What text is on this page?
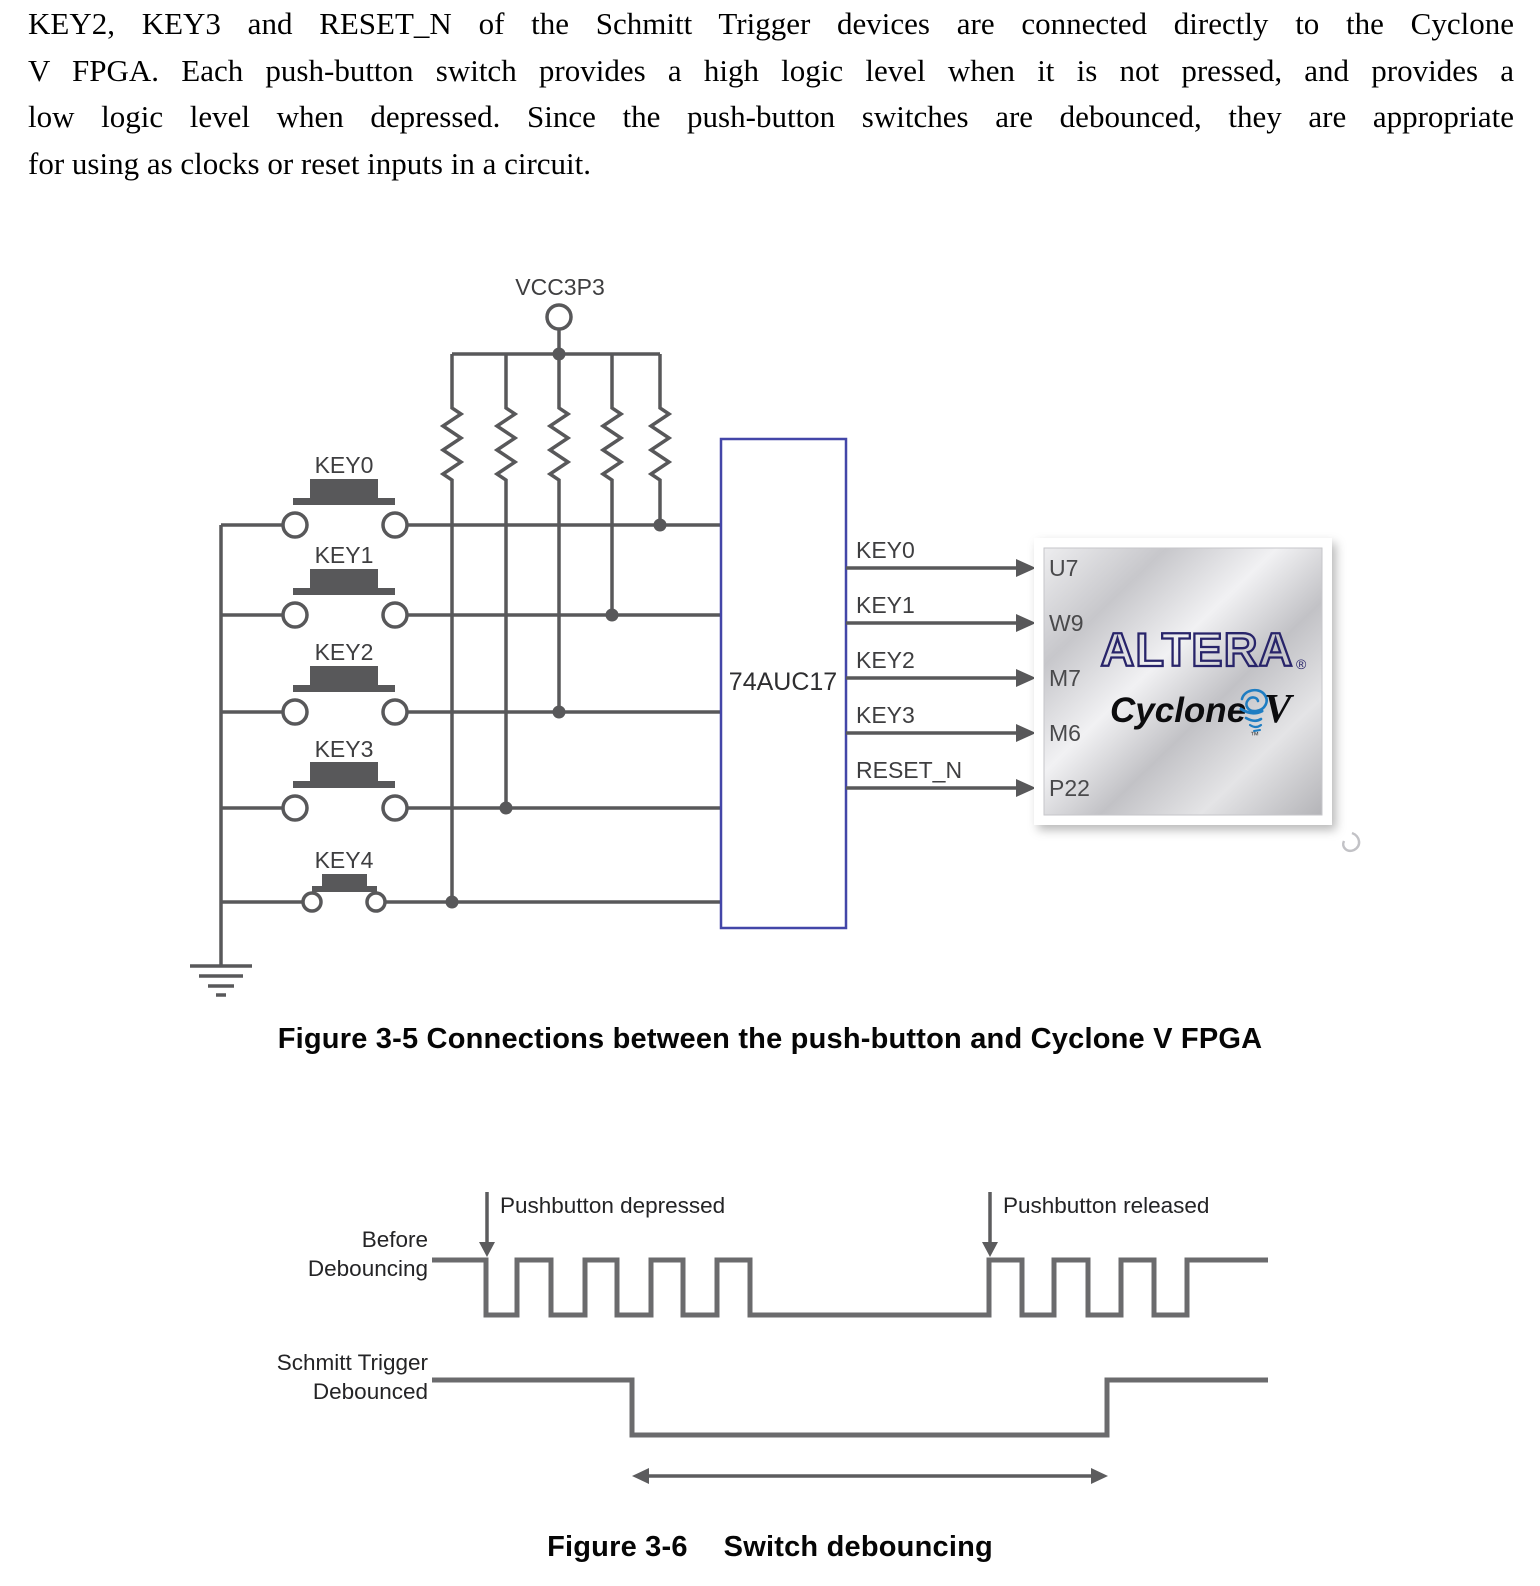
KEY2, KEY3 and RESET_N of the Schmitt Trigger devices are connected directly to the Cyclone
V FPGA. Each push-button switch provides a high logic level when it is not pressed, and provides a
low logic level when depressed. Since the push-button switches are debounced, they are appropriate
for using as clocks or reset inputs in a circuit.
VCC3P3
KEY0
KEY1
KEY2
KEY3
KEY4
74AUC17
KEY0
KEY1
KEY2
KEY3
RESET_N
U7
W9
M7
M6
P22
ALTERA ®
Cyclone
™
V
Figure 3-5 Connections between the push-button and Cyclone V FPGA
Pushbutton depressed	Pushbutton released
Before
Debouncing
Schmitt Trigger
Debounced
Figure 3-6 Switch debouncing
